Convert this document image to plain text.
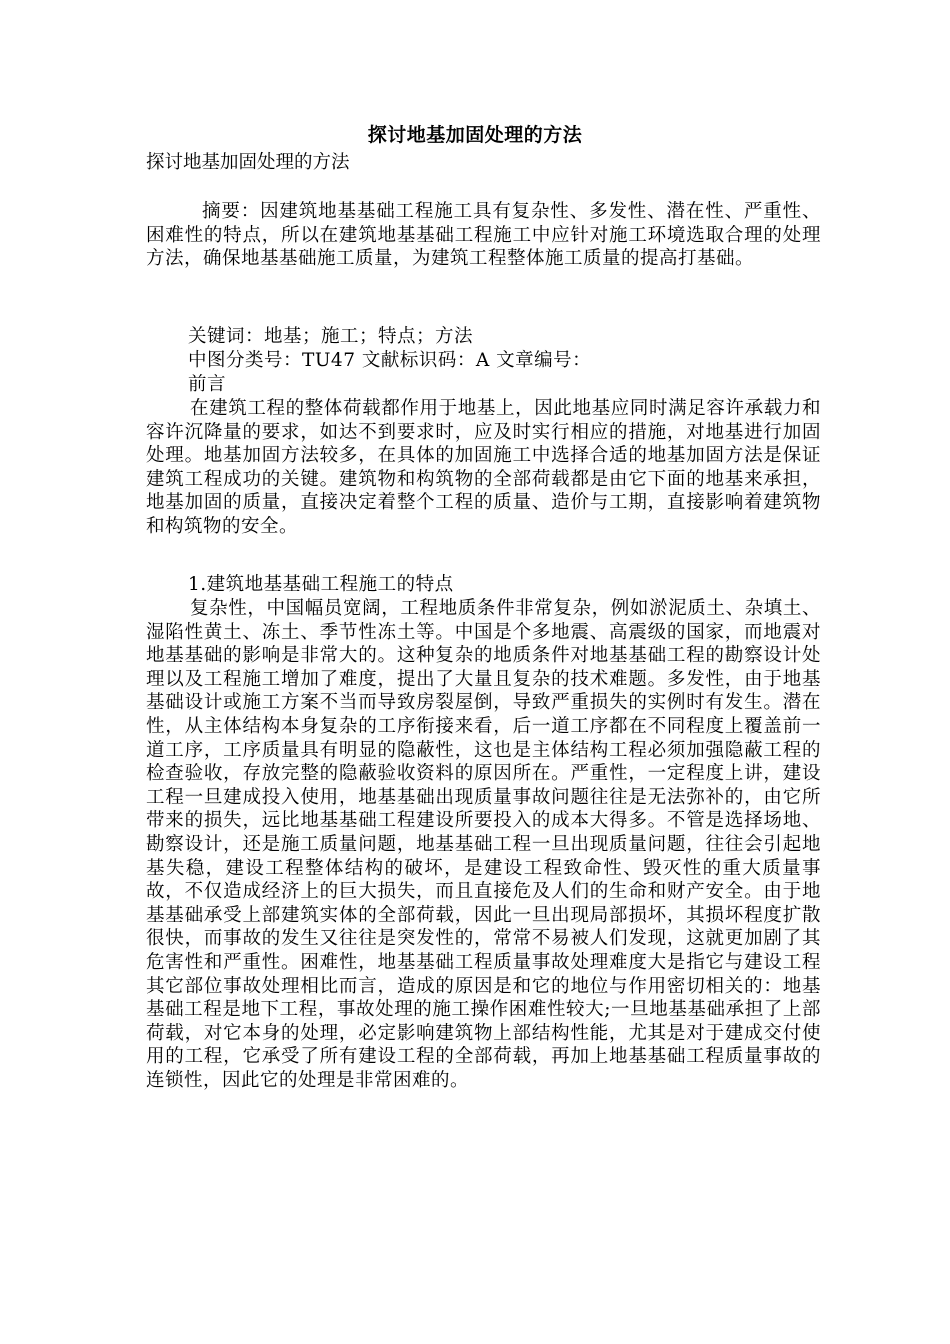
探讨地基加固处理的方法
探讨地基加固处理的方法

摘要：因建筑地基基础工程施工具有复杂性、多发性、潜在性、严重性、困难性的特点，所以在建筑地基基础工程施工中应针对施工环境选取合理的处理方法，确保地基基础施工质量，为建筑工程整体施工质量的提高打基础。

关键词：地基；施工；特点；方法

中图分类号：TU47 文献标识码：A 文章编号：

前言

在建筑工程的整体荷载都作用于地基上，因此地基应同时满足容许承载力和容许沉降量的要求，如达不到要求时，应及时实行相应的措施，对地基进行加固处理。地基加固方法较多，在具体的加固施工中选择合适的地基加固方法是保证建筑工程成功的关键。建筑物和构筑物的全部荷载都是由它下面的地基来承担，地基加固的质量，直接决定着整个工程的质量、造价与工期，直接影响着建筑物和构筑物的安全。

1.建筑地基基础工程施工的特点

复杂性，中国幅员宽阔，工程地质条件非常复杂，例如淤泥质土、杂填土、湿陷性黄土、冻土、季节性冻土等。中国是个多地震、高震级的国家，而地震对地基基础的影响是非常大的。这种复杂的地质条件对地基基础工程的勘察设计处理以及工程施工增加了难度，提出了大量且复杂的技术难题。多发性，由于地基基础设计或施工方案不当而导致房裂屋倒，导致严重损失的实例时有发生。潜在性，从主体结构本身复杂的工序衔接来看，后一道工序都在不同程度上覆盖前一道工序，工序质量具有明显的隐蔽性，这也是主体结构工程必须加强隐蔽工程的检查验收，存放完整的隐蔽验收资料的原因所在。严重性，一定程度上讲，建设工程一旦建成投入使用，地基基础出现质量事故问题往往是无法弥补的，由它所带来的损失，远比地基基础工程建设所要投入的成本大得多。不管是选择场地、勘察设计，还是施工质量问题，地基基础工程一旦出现质量问题，往往会引起地基失稳，建设工程整体结构的破坏，是建设工程致命性、毁灭性的重大质量事故，不仅造成经济上的巨大损失，而且直接危及人们的生命和财产安全。由于地基基础承受上部建筑实体的全部荷载，因此一旦出现局部损坏，其损坏程度扩散很快，而事故的发生又往往是突发性的，常常不易被人们发现，这就更加剧了其危害性和严重性。困难性，地基基础工程质量事故处理难度大是指它与建设工程其它部位事故处理相比而言，造成的原因是和它的地位与作用密切相关的：地基基础工程是地下工程，事故处理的施工操作困难性较大;一旦地基基础承担了上部荷载，对它本身的处理，必定影响建筑物上部结构性能，尤其是对于建成交付使用的工程，它承受了所有建设工程的全部荷载，再加上地基基础工程质量事故的连锁性，因此它的处理是非常困难的。
